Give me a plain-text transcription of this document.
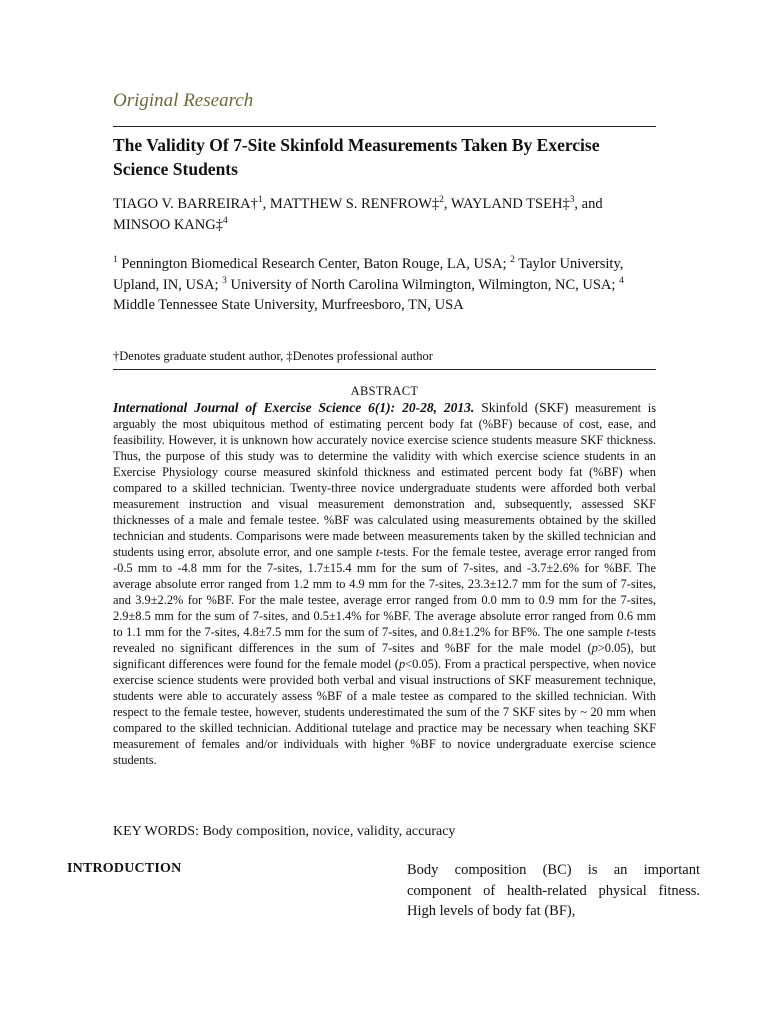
Original Research
The Validity Of 7-Site Skinfold Measurements Taken By Exercise Science Students
TIAGO V. BARREIRA†$^1$, MATTHEW S. RENFROW‡$^2$, WAYLAND TSEH‡$^3$, and MINSOO KANG‡$^4$
$^1$ Pennington Biomedical Research Center, Baton Rouge, LA, USA; $^2$ Taylor University, Upland, IN, USA; $^3$ University of North Carolina Wilmington, Wilmington, NC, USA; $^4$ Middle Tennessee State University, Murfreesboro, TN, USA
†Denotes graduate student author, ‡Denotes professional author
ABSTRACT
International Journal of Exercise Science 6(1): 20-28, 2013. Skinfold (SKF) measurement is arguably the most ubiquitous method of estimating percent body fat (%BF) because of cost, ease, and feasibility. However, it is unknown how accurately novice exercise science students measure SKF thickness. Thus, the purpose of this study was to determine the validity with which exercise science students in an Exercise Physiology course measured skinfold thickness and estimated percent body fat (%BF) when compared to a skilled technician. Twenty-three novice undergraduate students were afforded both verbal measurement instruction and visual measurement demonstration and, subsequently, assessed SKF thicknesses of a male and female testee. %BF was calculated using measurements obtained by the skilled technician and students. Comparisons were made between measurements taken by the skilled technician and students using error, absolute error, and one sample t-tests. For the female testee, average error ranged from -0.5 mm to -4.8 mm for the 7-sites, 1.7±15.4 mm for the sum of 7-sites, and -3.7±2.6% for %BF. The average absolute error ranged from 1.2 mm to 4.9 mm for the 7-sites, 23.3±12.7 mm for the sum of 7-sites, and 3.9±2.2% for %BF. For the male testee, average error ranged from 0.0 mm to 0.9 mm for the 7-sites, 2.9±8.5 mm for the sum of 7-sites, and 0.5±1.4% for %BF. The average absolute error ranged from 0.6 mm to 1.1 mm for the 7-sites, 4.8±7.5 mm for the sum of 7-sites, and 0.8±1.2% for BF%. The one sample t-tests revealed no significant differences in the sum of 7-sites and %BF for the male model (p>0.05), but significant differences were found for the female model (p<0.05). From a practical perspective, when novice exercise science students were provided both verbal and visual instructions of SKF measurement technique, students were able to accurately assess %BF of a male testee as compared to the skilled technician. With respect to the female testee, however, students underestimated the sum of the 7 SKF sites by ~ 20 mm when compared to the skilled technician. Additional tutelage and practice may be necessary when teaching SKF measurement of females and/or individuals with higher %BF to novice undergraduate exercise science students.
KEY WORDS: Body composition, novice, validity, accuracy
INTRODUCTION	Body composition (BC) is an important component of health-related physical fitness. High levels of body fat (BF),
